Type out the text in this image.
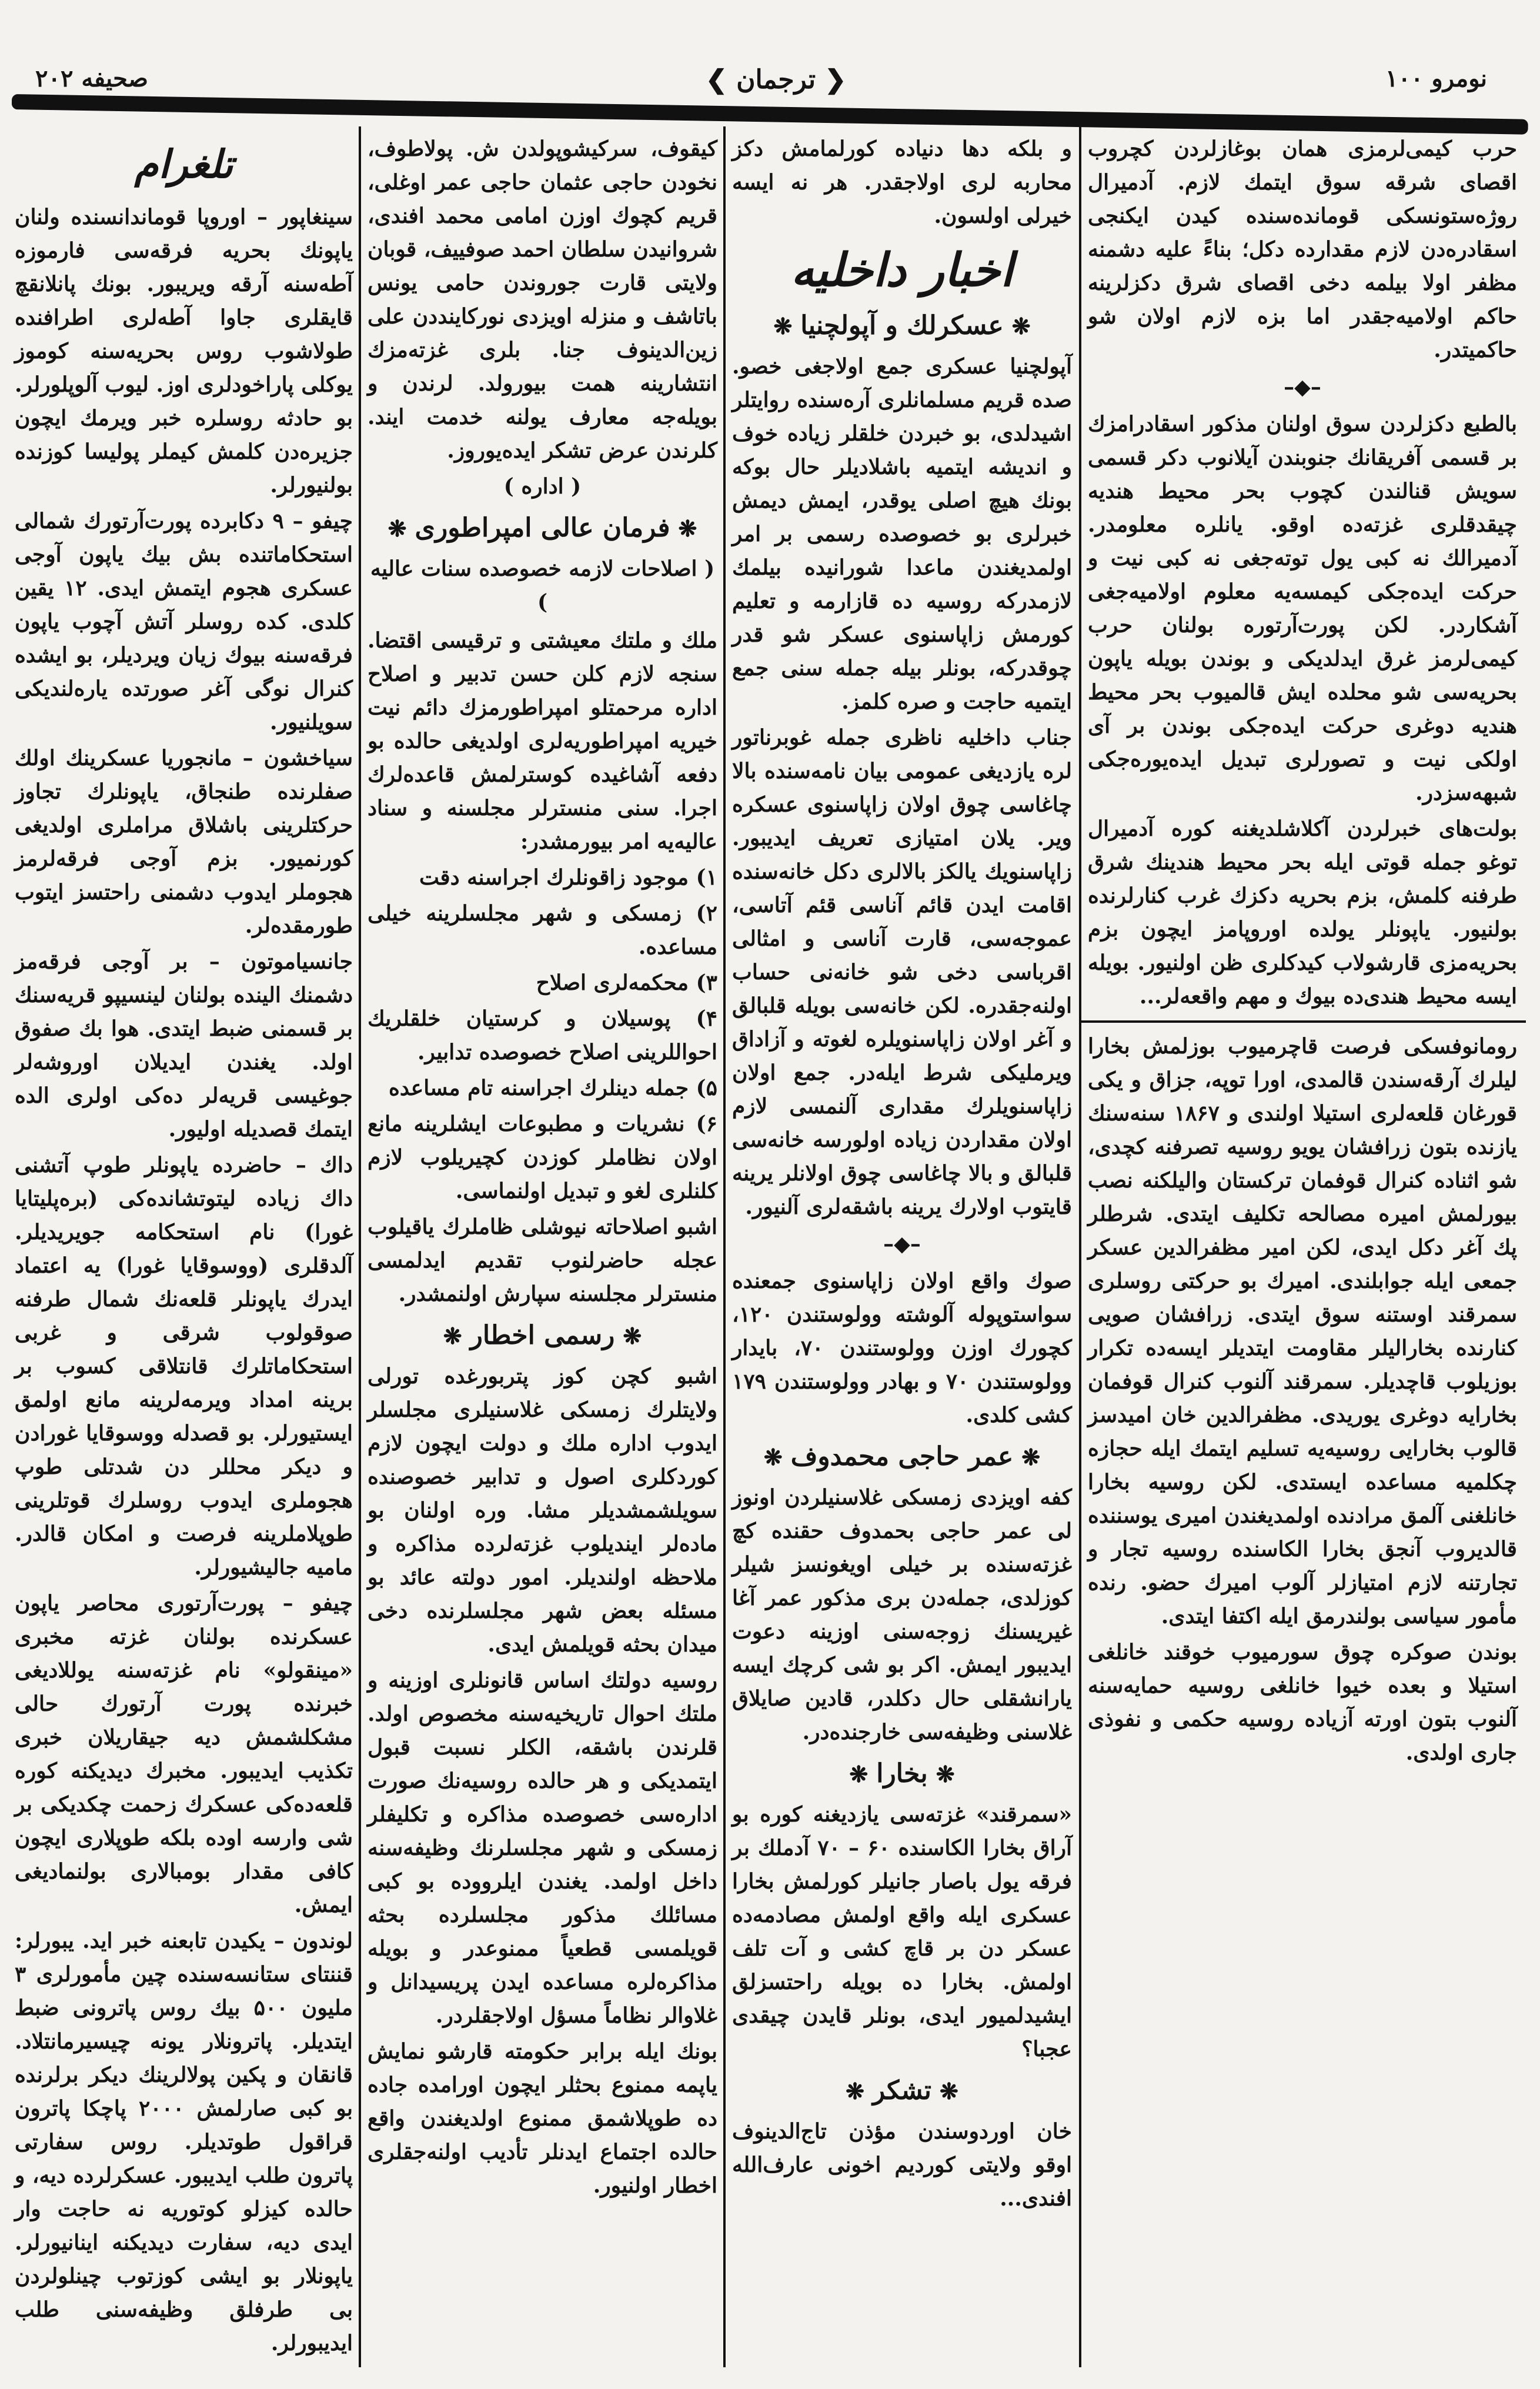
نومرو ۱۰۰
❮ ترجمان ❯
صحیفه ۲۰۲

حرب کیمی‌لرمزی همان بوغازلردن کچروب اقصای شرقه سوق ایتمك لازم. آدمیرال روژەستونسکی قوماندەسندە کیدن ایکنجی اسقادرەدن لازم مقدارده دکل؛ بناءً علیه دشمنه مظفر اولا بیلمه دخی اقصای شرق دکزلرینه حاکم اولامیه‌جقدر اما بزه لازم اولان شو حاکمیتدر.

–◆–

بالطبع دکزلردن سوق اولنان مذکور اسقادرامزك بر قسمی آفریقانك جنوبندن آیلانوب دکر قسمی سویش قنالندن کچوب بحر محیط هندیه چیقدقلری غزته‌ده اوقو. یانلره معلومدر. آدمیرالك نه کبی یول توتەجغی نه کبی نیت و حرکت ایدەجکی کیمسه‌یه معلوم اولامیه‌جغی آشکاردر. لکن پورت‌آرتوره بولنان حرب کیمی‌لرمز غرق ایدلدیکی و بوندن بویله یاپون بحریه‌سی شو محلده ایش قالمیوب بحر محیط هندیه دوغری حرکت ایده‌جکی بوندن بر آی اولکی نیت و تصورلری تبدیل ایده‌یوره‌جکی شبهه‌سزدر.

بولت‌های خبرلردن آکلاشلدیغنه کوره آدمیرال توغو جمله قوتی ایله بحر محیط هندینك شرق طرفنه کلمش، بزم بحریه دکزك غرب کنارلرنده بولنیور. یاپونلر یولده اوروپامز ایچون بزم بحریه‌مزی قارشولاب کیدکلری ظن اولنیور. بویله ایسه محیط هندی‌ده بیوك و مهم واقعه‌لر...

رومانوفسکی فرصت قاچرمیوب بوزلمش بخارا لیلرك آرقه‌سندن قالمدی، اورا توپه، جزاق و یکی قورغان قلعه‌لری استیلا اولندی و ۱۸۶۷ سنه‌سنك یازنده بتون زرافشان یویو روسیه تصرفنه کچدی، شو اثناده کنرال قوفمان ترکستان والیلکنه نصب بیورلمش امیره مصالحه تکلیف ایتدی. شرطلر پك آغر دکل ایدی، لکن امیر مظفرالدین عسکر جمعی ایله جوابلندی. امیرك بو حرکتی روسلری سمرقند اوستنه سوق ایتدی. زرافشان صویی کنارنده بخارالیلر مقاومت ایتدیلر ایسه‌ده تکرار بوزیلوب قاچدیلر. سمرقند آلنوب کنرال قوفمان بخارایه دوغری یوریدی. مظفرالدین خان امیدسز قالوب بخارایی روسیه‌یه تسلیم ایتمك ایله حجازه چکلمیه مساعده ایستدی. لکن روسیه بخارا خانلغنی آلمق مرادنده اولمدیغندن امیری یوسننده قالدیروب آنجق بخارا الکاسنده روسیه تجار و تجارتنه لازم امتیازلر آلوب امیرك حضو. رنده مأمور سیاسی بولندرمق ایله اکتفا ایتدی.

بوندن صوکره چوق سورمیوب خوقند خانلغی استیلا و بعده خیوا خانلغی روسیه حمایه‌سنه آلنوب بتون اورته آزیاده روسیه حکمی و نفوذی جاری اولدی.

و بلکه دها دنیاده کورلمامش دکز محاربه لری اولاجقدر. هر نه ایسه خیرلی اولسون.

اخبار داخلیه
❋عسکرلك و آپولچنیا❋

آپولچنیا عسکری جمع اولاجغی خصو. صده قریم مسلمانلری آره‌سنده روایتلر اشیدلدی، بو خبردن خلقلر زیاده خوف و اندیشه ایتمیه باشلادیلر حال بوکه بونك هیچ اصلی یوقدر، ایمش دیمش خبرلری بو خصوصده رسمی بر امر اولمدیغندن ماعدا شورانیده بیلمك لازمدرکه روسیه ده قازارمه و تعلیم کورمش زاپاسنوی عسکر شو قدر چوقدرکه، بونلر بیله جمله سنی جمع ایتمیه حاجت و صره کلمز.

جناب داخلیه ناظری جمله غوبرناتور لره یازدیغی عمومی بیان نامه‌سنده بالا چاغاسی چوق اولان زاپاسنوی عسکره ویر. یلان امتیازی تعریف ایدیبور. زاپاسنویك یالکز بالالری دکل خانه‌سنده اقامت ایدن قائم آناسی قئم آتاسی، عموجه‌سی، قارت آناسی و امثالی اقرباسی دخی شو خانه‌نی حساب اولنه‌جقدره. لکن خانه‌سی بویله قلبالق و آغر اولان زاپاسنویلره لغوته و آزاداق ویرملیکی شرط ایلەدر. جمع اولان زاپاسنویلرك مقداری آلنمسی لازم اولان مقداردن زیاده اولورسه خانه‌سی قلبالق و بالا چاغاسی چوق اولانلر یرینه قایتوب اولارك یرینه باشقه‌لری آلنیور.

–◆–

صوك واقع اولان زاپاسنوی جمعنده سواستوپوله آلوشته وولوستندن ۱۲۰، کچورك اوزن وولوستندن ۷۰، بایدار وولوستندن ۷۰ و بهادر وولوستندن ۱۷۹ کشی کلدی.

❋عمر حاجی محمدوف❋

کفه اویزدی زمسکی غلاسنیلردن اونوز لی عمر حاجی بحمدوف حقنده کچ غزته‌سنده بر خیلی اویغونسز شیلر کوزلدی، جمله‌دن بری مذکور عمر آغا غیریسنك زوجه‌سنی اوزینه دعوت ایدیبور ایمش. اکر بو شی کرچك ایسه یارانشقلی حال دکلدر، قادین صایلاق غلاسنی وظیفه‌سی خارجنده‌در.

❋بخارا❋

«سمرقند» غزته‌سی یازدیغنه کوره بو آراق بخارا الکاسنده ۶۰ – ۷۰ آدملك بر فرقه یول باصار جانیلر کورلمش بخارا عسکری ایله واقع اولمش مصادمه‌ده عسکر دن بر قاچ کشی و آت تلف اولمش. بخارا ده بویله راحتسزلق ایشیدلمیور ایدی، بونلر قایدن چیقدی عجبا؟

❋تشکر❋

خان اوردوسندن مؤذن تاج‌الدینوف اوقو ولایتی کوردیم اخونی عارف‌الله افندی...

کیقوف، سرکیشوپولدن ش. پولاطوف، نخودن حاجی عثمان حاجی عمر اوغلی، قریم کچوك اوزن امامی محمد افندی، شروانیدن سلطان احمد صوفییف، قوبان ولایتی قارت جوروندن حامی یونس باتاشف و منزله اویزدی نورکاینددن علی زین‌الدینوف جنا. بلری غزته‌مزك انتشارینه همت بیورولد. لرندن و بویله‌جه معارف یولنه خدمت ایند. کلرندن عرض تشکر ایدەیوروز.

( اداره )
❋فرمان عالی امپراطوری❋
( اصلاحات لازمه خصوصده سنات عالیه )

ملك و ملتك معیشتی و ترقیسی اقتضا. سنجه لازم کلن حسن تدبیر و اصلاح اداره مرحمتلو امپراطورمزك دائم نیت خیریه امپراطوریه‌لری اولدیغی حالده بو دفعه آشاغیده کوسترلمش قاعده‌لرك اجرا. سنی منسترلر مجلسنه و سناد عالیه‌یه امر بیورمشدر:

۱) موجود زاقونلرك اجراسنه دقت

۲) زمسکی و شهر مجلسلرینه خیلی مساعده.

۳) محکمه‌لری اصلاح

۴) پوسیلان و کرستیان خلقلریك احواللرینی اصلاح خصوصده تدابیر.

۵) جمله دینلرك اجراسنه تام مساعده

۶) نشریات و مطبوعات ایشلرینه مانع اولان نظاملر کوزدن کچیریلوب لازم کلنلری لغو و تبدیل اولنماسی.

اشبو اصلاحاته نیوشلی ظاملرك یاقیلوب عجله حاضرلنوب تقدیم ایدلمسی منسترلر مجلسنه سپارش اولنمشدر.

❋رسمی اخطار❋

اشبو کچن کوز پتربورغده تورلی ولایتلرك زمسکی غلاسنیلری مجلسلر ایدوب اداره ملك و دولت ایچون لازم کوردکلری اصول و تدابیر خصوصنده سویلشمشدیلر مشا. وره اولنان بو مادەلر ایندیلوب غزته‌لرده مذاکره و ملاحظه اولندیلر. امور دولته عائد بو مسئله بعض شهر مجلسلرنده دخی میدان بحثه قویلمش ایدی.

روسیه دولتك اساس قانونلری اوزینه و ملتك احوال تاریخیه‌سنه مخصوص اولد. قلرندن باشقه، الکلر نسبت قبول ایتمدیکی و هر حالده روسیه‌نك صورت اداره‌سی خصوصده مذاکره و تکلیفلر زمسکی و شهر مجلسلرنك وظیفه‌سنه داخل اولمد. یغندن ایلرووده بو کبی مسائلك مذکور مجلسلرده بحثه قویلمسی قطعیاً ممنوعدر و بویله مذاکره‌لره مساعده ایدن پریسیدانل و غلاوالر نظاماً مسؤل اولاجقلردر.

بونك ایله برابر حکومته قارشو نمایش یاپمه ممنوع بحثلر ایچون اورامده جاده ده طوپلاشمق ممنوع اولدیغندن واقع حالده اجتماع ایدنلر تأدیب اولنه‌جقلری اخطار اولنیور.

تلغرام

سینغاپور – اوروپا قوماندانسنده ولنان یاپونك بحریه فرقه‌سی فارموزه آطه‌سنه آرقه ویریبور. بونك پانلانقچ قایقلری جاوا آطه‌لری اطرافنده طولاشوب روس بحریه‌سنه کوموز یوکلی پاراخودلری اوز. لیوب آلوپلورلر. بو حادثه روسلره خبر ویرمك ایچون جزیره‌دن کلمش کیملر پولیسا کوزنده بولنیورلر.

چیفو – ۹ دکابرده پورت‌آرتورك شمالی استحکاماتنده بش بیك یاپون آوجی عسکری هجوم ایتمش ایدی. ۱۲ یقین کلدی. کده روسلر آتش آچوب یاپون فرقه‌سنه بیوك زیان ویردیلر، بو ایشده کنرال نوگی آغر صورتده یارەلندیکی سویلنیور.

سیاخشون – مانجوریا عسکرینك اولك صفلرنده طنجاق، یاپونلرك تجاوز حرکتلرینی باشلاق مراملری اولدیغی کورنمیور. بزم آوجی فرقه‌لرمز هجوملر ایدوب دشمنی راحتسز ایتوب طورمقدەلر.

جانسیاموتون – بر آوجی فرقه‌مز دشمنك الینده بولنان لینسیپو قریه‌سنك بر قسمنی ضبط ایتدی. هوا بك صفوق اولد. یغندن ایدیلان اوروشه‌لر جوغیسی قریه‌لر ده‌کی اولری الده ایتمك قصدیله اولیور.

داك – حاضرده یاپونلر طوپ آتشنی داك زیاده لیتوتشانده‌کی (بره‌پلیتایا غورا) نام استحکامه جویریدیلر. آلدقلری (ووسوقایا غورا) یه اعتماد ایدرك یاپونلر قلعه‌نك شمال طرفنه صوقولوب شرقی و غربی استحکاماتلرك قانتلاقی کسوب بر برینه امداد ویرمه‌لرینه مانع اولمق ایستیورلر. بو قصدله ووسوقایا غورادن و دیکر محللر دن شدتلی طوپ هجوملری ایدوب روسلرك قوتلرینی طوپلاملرینه فرصت و امکان قالدر. مامیه جالیشیورلر.

چیفو – پورت‌آرتوری محاصر یاپون عسکرنده بولنان غزته مخبری «مینقولو» نام غزته‌سنه یوللادیغی خبرنده پورت آرتورك حالی مشکلشمش دیه جیقاریلان خبری تکذیب ایدیبور. مخبرك دیدیکنه کوره قلعه‌ده‌کی عسکرك زحمت چکدیکی بر شی وارسه اوده بلکه طوپلاری ایچون کافی مقدار بومبالاری بولنمادیغی ایمش.

لوندون – یکیدن تابعنه خبر اید. یبورلر: قننتای ستانسه‌سنده چین مأمورلری ۳ ملیون ۵۰۰ بیك روس پاترونی ضبط ایتدیلر. پاترونلار یونه چیسیرمانتلاد. قانقان و پکین پولالرینك دیکر برلرنده بو کبی صارلمش ۲۰۰۰ پاچکا پاترون قراقول طوتدیلر. روس سفارتی پاترون طلب ایدیبور. عسکرلرده دیه، و حالده کیزلو کوتوریه نه حاجت وار ایدی دیه، سفارت دیدیکنه اینانیورلر. یاپونلار بو ایشی کوزتوب چینلولردن بی طرفلق وظیفه‌سنی طلب ایدیبورلر.
